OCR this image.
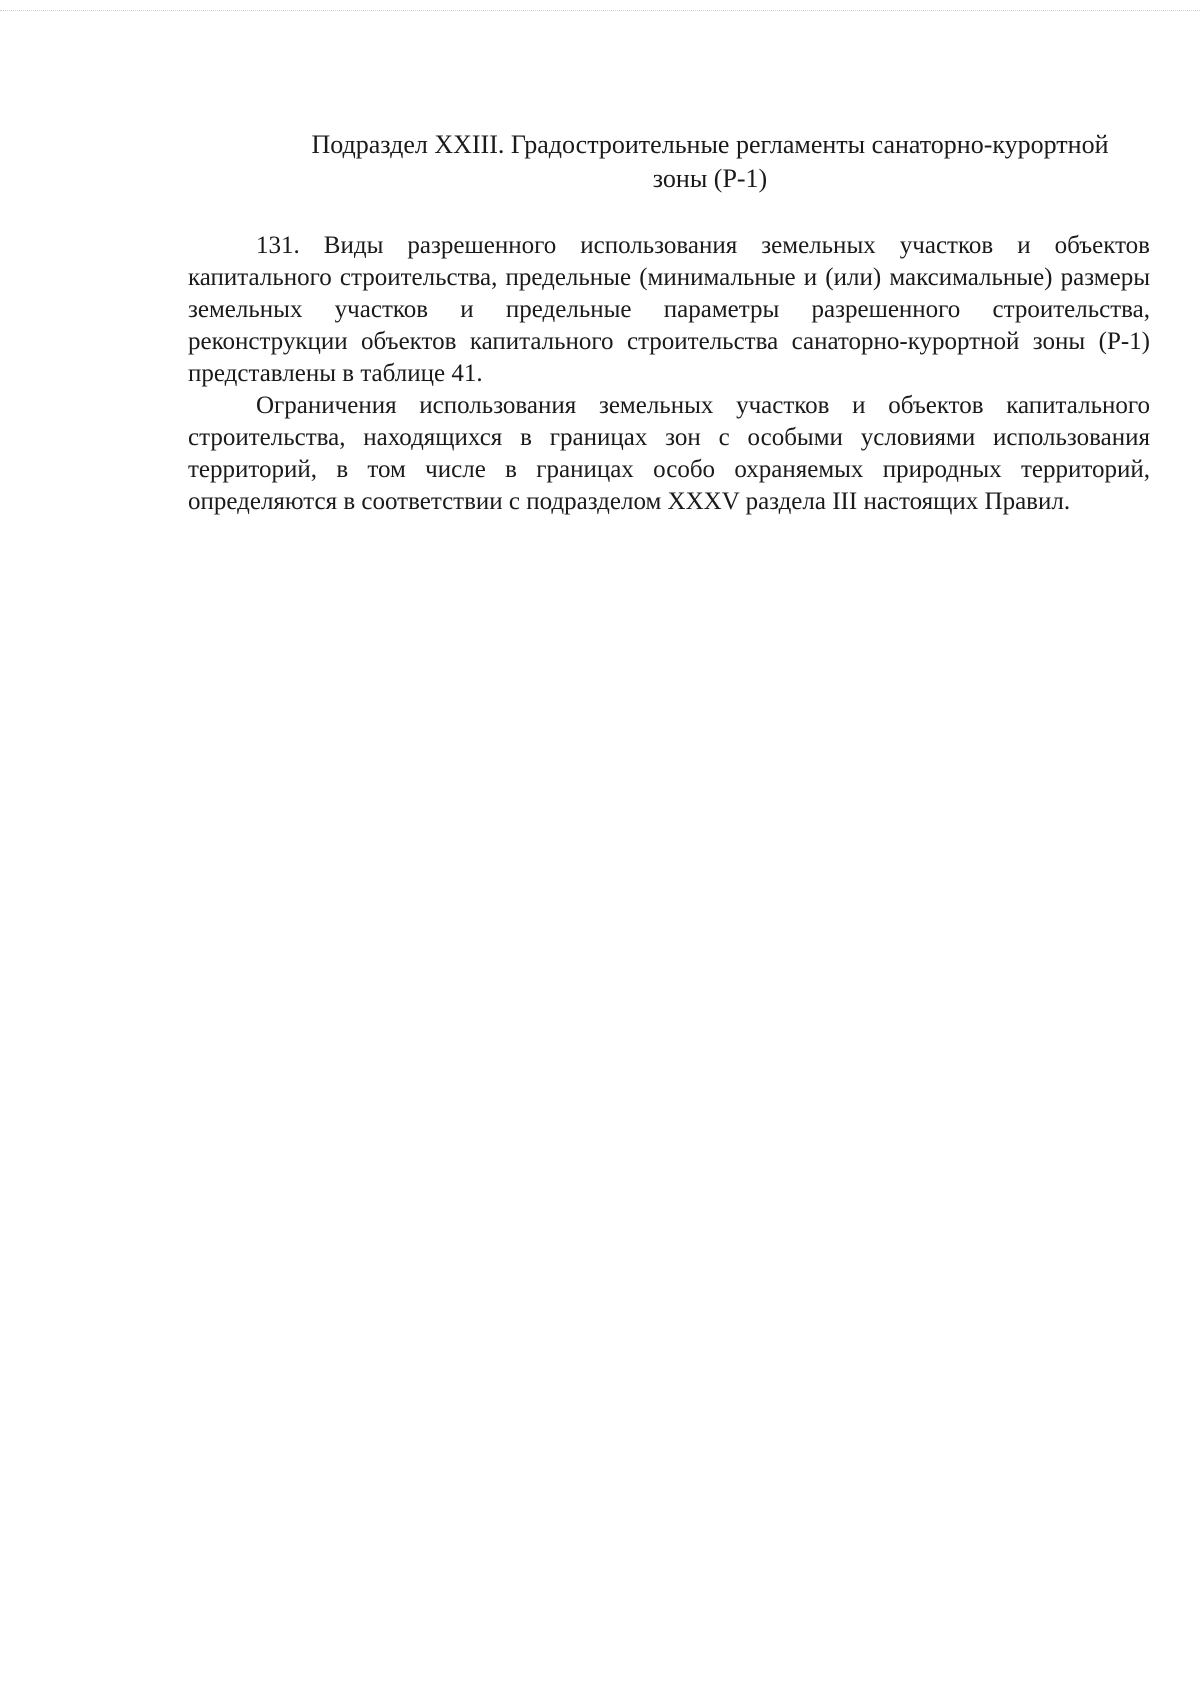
Подраздел XXIII. Градостроительные регламенты санаторно-курортной
зоны (Р-1)

131. Виды разрешенного использования земельных участков и объектов капитального строительства, предельные (минимальные и (или) максимальные) размеры земельных участков и предельные параметры разрешенного строительства, реконструкции объектов капитального строительства санаторно-курортной зоны (Р-1) представлены в таблице 41.

Ограничения использования земельных участков и объектов капитального строительства, находящихся в границах зон с особыми условиями использования территорий, в том числе в границах особо охраняемых природных территорий, определяются в соответствии с подразделом XXXV раздела III настоящих Правил.
